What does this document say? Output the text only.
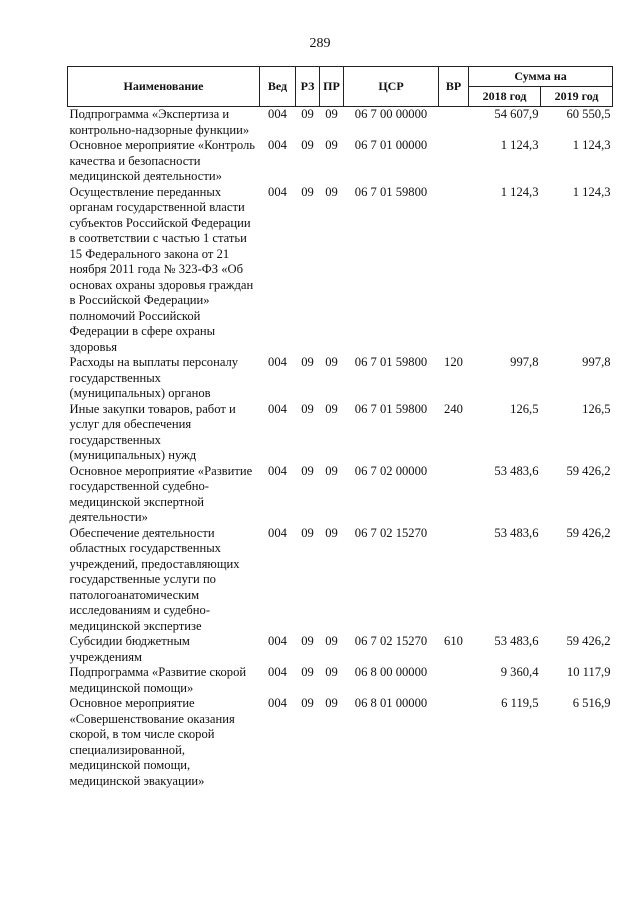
289
Наименование	Вед	РЗ	ПР	ЦСР	ВР	Сумма на	
						2018 год	2019 год
Подпрограмма «Экспертиза и контрольно-надзорные функции»	004	09	09	06 7 00 00000		54 607,9	60 550,5
Основное мероприятие «Контроль качества и безопасности медицинской деятельности»	004	09	09	06 7 01 00000		1 124,3	1 124,3
Осуществление переданных органам государственной власти субъектов Российской Федерации в соответствии с частью 1 статьи 15 Федерального закона от 21 ноября 2011 года № 323-ФЗ «Об основах охраны здоровья граждан в Российской Федерации» полномочий Российской Федерации в сфере охраны здоровья	004	09	09	06 7 01 59800		1 124,3	1 124,3
Расходы на выплаты персоналу государственных (муниципальных) органов	004	09	09	06 7 01 59800	120	997,8	997,8
Иные закупки товаров, работ и услуг для обеспечения государственных (муниципальных) нужд	004	09	09	06 7 01 59800	240	126,5	126,5
Основное мероприятие «Развитие государственной судебно-медицинской экспертной деятельности»	004	09	09	06 7 02 00000		53 483,6	59 426,2
Обеспечение деятельности областных государственных учреждений, предоставляющих государственные услуги по патологоанатомическим исследованиям и судебно-медицинской экспертизе	004	09	09	06 7 02 15270		53 483,6	59 426,2
Субсидии бюджетным учреждениям	004	09	09	06 7 02 15270	610	53 483,6	59 426,2
Подпрограмма «Развитие скорой медицинской помощи»	004	09	09	06 8 00 00000		9 360,4	10 117,9
Основное мероприятие «Совершенствование оказания скорой, в том числе скорой специализированной, медицинской помощи, медицинской эвакуации»	004	09	09	06 8 01 00000		6 119,5	6 516,9
